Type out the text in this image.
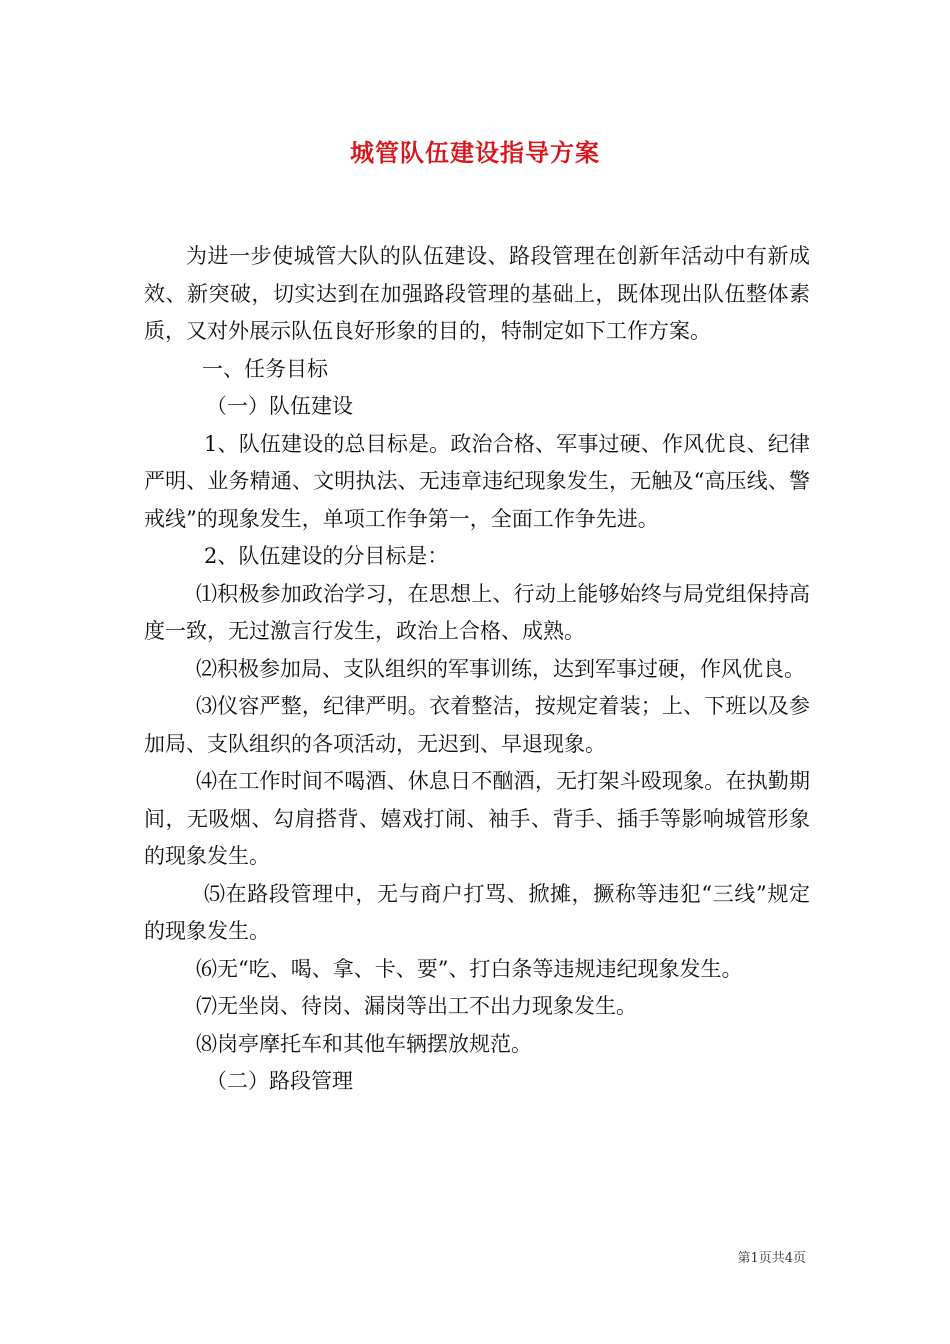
城管队伍建设指导方案

为进一步使城管大队的队伍建设、路段管理在创新年活动中有新成效、新突破，切实达到在加强路段管理的基础上，既体现出队伍整体素质，又对外展示队伍良好形象的目的，特制定如下工作方案。

一、任务目标

（一）队伍建设

1、队伍建设的总目标是。政治合格、军事过硬、作风优良、纪律严明、业务精通、文明执法、无违章违纪现象发生，无触及“高压线、警戒线”的现象发生，单项工作争第一，全面工作争先进。

2、队伍建设的分目标是：

⑴积极参加政治学习，在思想上、行动上能够始终与局党组保持高度一致，无过激言行发生，政治上合格、成熟。

⑵积极参加局、支队组织的军事训练，达到军事过硬，作风优良。

⑶仪容严整，纪律严明。衣着整洁，按规定着装；上、下班以及参加局、支队组织的各项活动，无迟到、早退现象。

⑷在工作时间不喝酒、休息日不酗酒，无打架斗殴现象。在执勤期间，无吸烟、勾肩搭背、嬉戏打闹、袖手、背手、插手等影响城管形象的现象发生。

⑸在路段管理中，无与商户打骂、掀摊，撅称等违犯“三线”规定的现象发生。

⑹无“吃、喝、拿、卡、要”、打白条等违规违纪现象发生。

⑺无坐岗、待岗、漏岗等出工不出力现象发生。

⑻岗亭摩托车和其他车辆摆放规范。

（二）路段管理

第1页共4页
